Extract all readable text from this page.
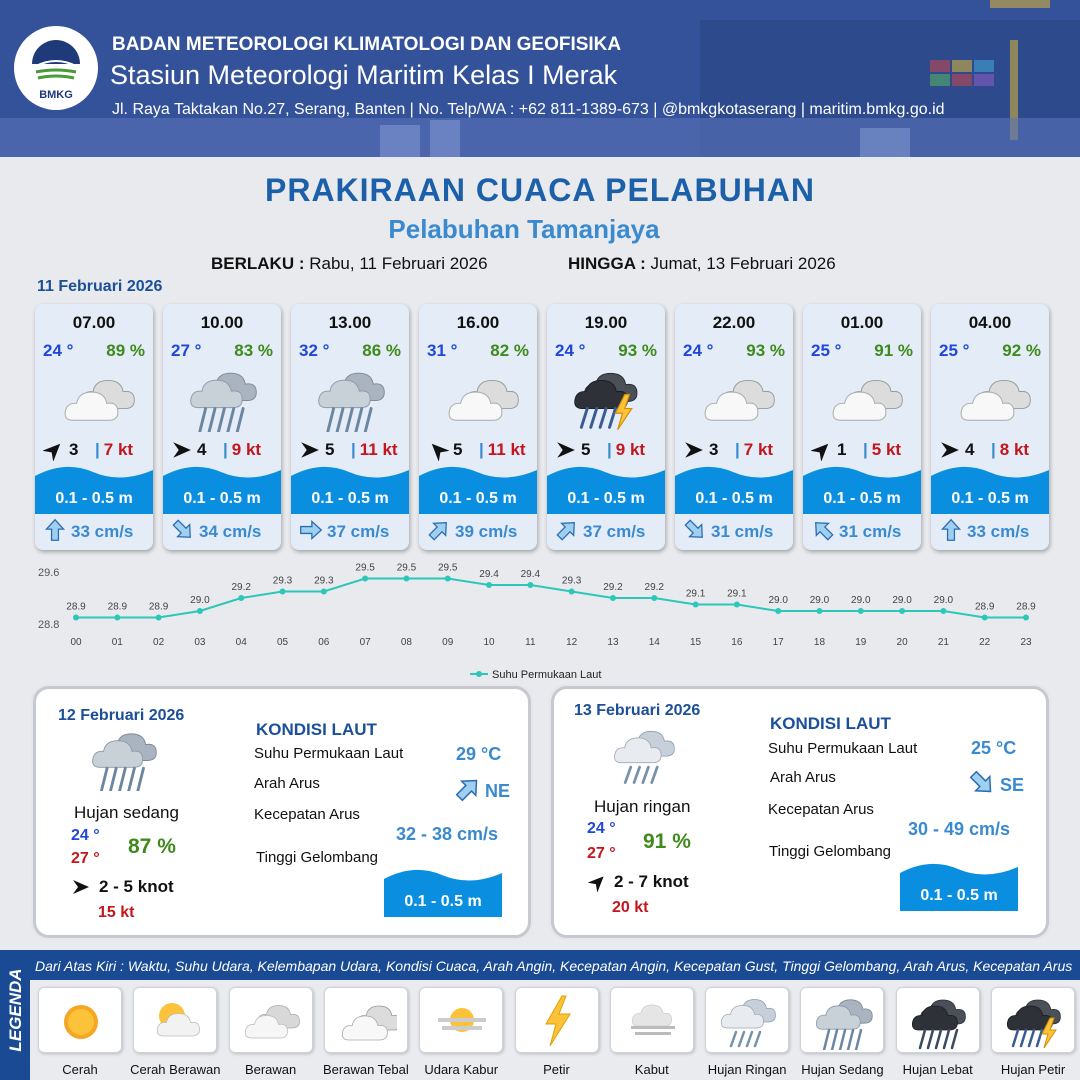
BMKG
BADAN METEOROLOGI KLIMATOLOGI DAN GEOFISIKA
Stasiun Meteorologi Maritim Kelas I Merak
Jl. Raya Taktakan No.27, Serang, Banten | No. Telp/WA : +62 811-1389-673 | @bmkgkotaserang | maritim.bmkg.go.id
PRAKIRAAN CUACA PELABUHAN
Pelabuhan Tamanjaya
BERLAKU : Rabu, 11 Februari 2026	HINGGA : Jumat, 13 Februari 2026
11 Februari 2026
07.00
24 ° 89 %
3 | 7 kt
0.1 - 0.5 m
33 cm/s
10.00
27 ° 83 %
4 | 9 kt
0.1 - 0.5 m
34 cm/s
13.00
32 ° 86 %
5 | 11 kt
0.1 - 0.5 m
37 cm/s
16.00
31 ° 82 %
5 | 11 kt
0.1 - 0.5 m
39 cm/s
19.00
24 ° 93 %
5 | 9 kt
0.1 - 0.5 m
37 cm/s
22.00
24 ° 93 %
3 | 7 kt
0.1 - 0.5 m
31 cm/s
01.00
25 ° 91 %
1 | 5 kt
0.1 - 0.5 m
31 cm/s
04.00
25 ° 92 %
4 | 8 kt
0.1 - 0.5 m
33 cm/s
29.6
28.8
28.9 28.9 28.9
29.0
29.2
29.3 29.3
29.5 29.5 29.5
29.4 29.4
29.3
29.2 29.2
29.1 29.1
29.0 29.0 29.0 29.0 29.0
28.9 28.9
00	01	02	03	04	05	06	07	08	09	10	11	12	13	14	15	16	17	18	19	20	21	22	23
Suhu Permukaan Laut
12 Februari 2026
Hujan sedang
24 °
27 °
87 %
2 - 5 knot
15 kt
KONDISI LAUT
Suhu Permukaan Laut	29 °C
Arah Arus	NE
Kecepatan Arus
32 - 38 cm/s
Tinggi Gelombang
0.1 - 0.5 m
13 Februari 2026
Hujan ringan
24 °
27 °
91 %
2 - 7 knot
20 kt
KONDISI LAUT
Suhu Permukaan Laut	25 °C
Arah Arus	SE
Kecepatan Arus
30 - 49 cm/s
Tinggi Gelombang
0.1 - 0.5 m
LEGENDA
Dari Atas Kiri : Waktu, Suhu Udara, Kelembapan Udara, Kondisi Cuaca, Arah Angin, Kecepatan Angin, Kecepatan Gust, Tinggi Gelombang, Arah Arus, Kecepatan Arus
Cerah	Cerah Berawan	Berawan	Berawan Tebal	Udara Kabur	Petir	Kabut	Hujan Ringan	Hujan Sedang	Hujan Lebat	Hujan Petir
